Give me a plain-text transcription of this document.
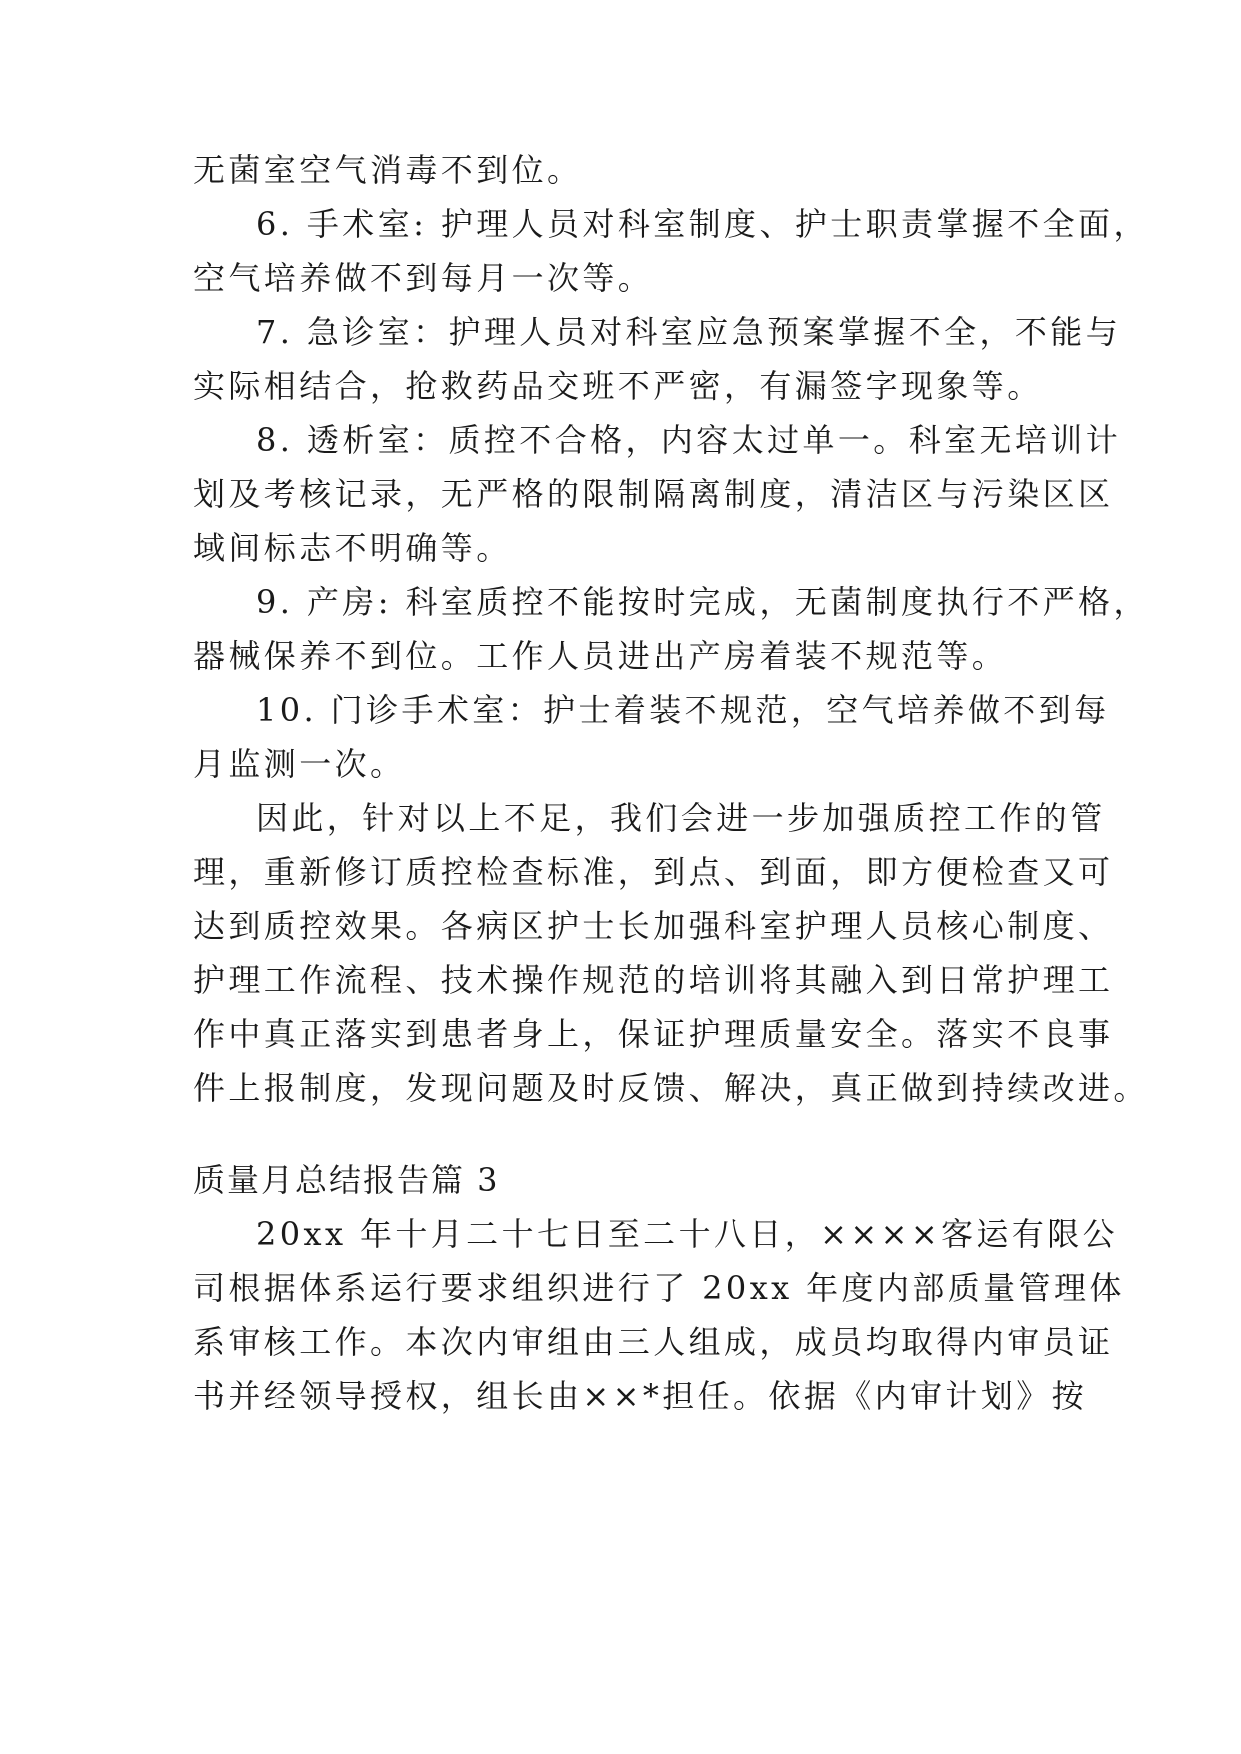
无菌室空气消毒不到位。
6. 手术室: 护理人员对科室制度、护士职责掌握不全面，
空气培养做不到每月一次等。
7. 急诊室：护理人员对科室应急预案掌握不全，不能与
实际相结合，抢救药品交班不严密，有漏签字现象等。
8. 透析室：质控不合格，内容太过单一。科室无培训计
划及考核记录，无严格的限制隔离制度，清洁区与污染区区
域间标志不明确等。
9. 产房: 科室质控不能按时完成，无菌制度执行不严格，
器械保养不到位。工作人员进出产房着装不规范等。
10. 门诊手术室：护士着装不规范，空气培养做不到每
月监测一次。
因此，针对以上不足，我们会进一步加强质控工作的管
理，重新修订质控检查标准，到点、到面，即方便检查又可
达到质控效果。各病区护士长加强科室护理人员核心制度、
护理工作流程、技术操作规范的培训将其融入到日常护理工
作中真正落实到患者身上，保证护理质量安全。落实不良事
件上报制度，发现问题及时反馈、解决，真正做到持续改进。
质量月总结报告篇 3
20xx 年十月二十七日至二十八日，××××客运有限公
司根据体系运行要求组织进行了 20xx 年度内部质量管理体
系审核工作。本次内审组由三人组成，成员均取得内审员证
书并经领导授权，组长由××*担任。依据《内审计划》按
